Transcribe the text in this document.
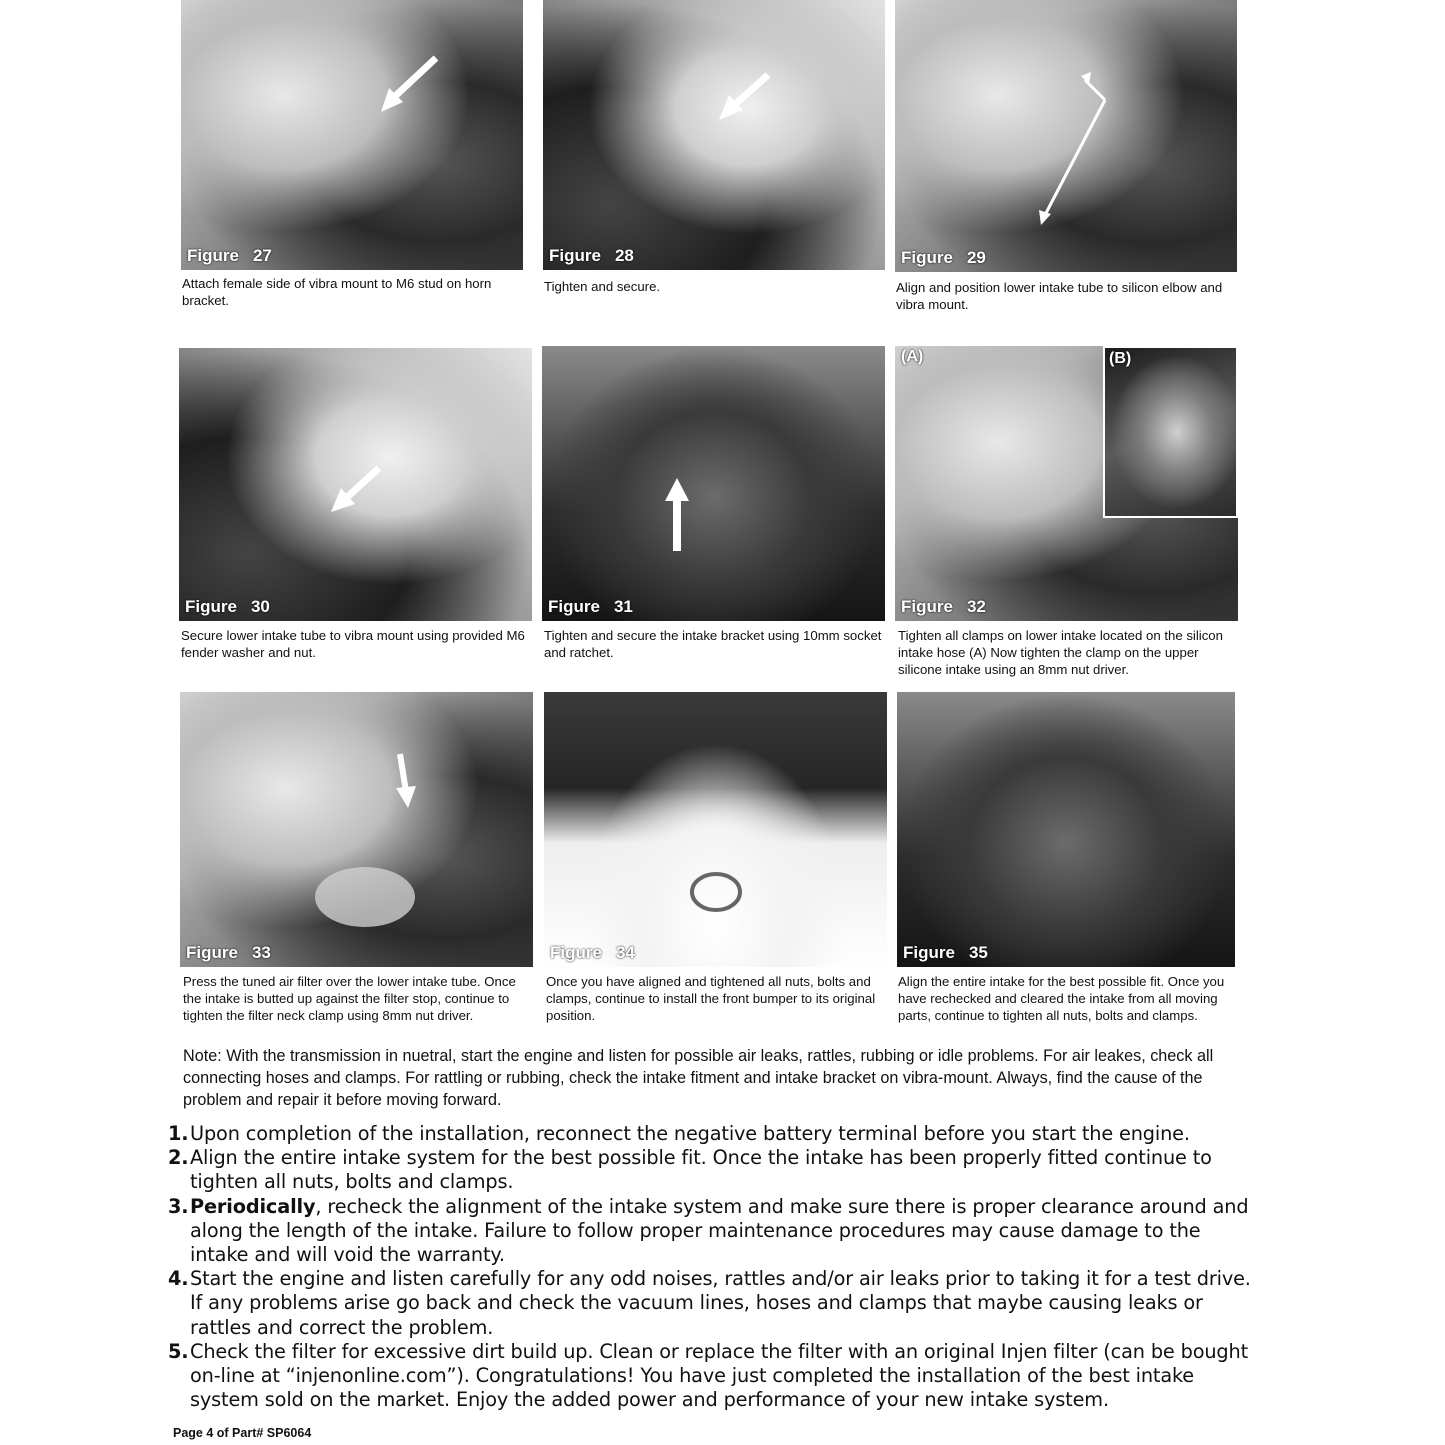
Figure 27
Attach female side of vibra mount to M6 stud on horn bracket.
Figure 28
Tighten and secure.
Figure 29
Align and position lower intake tube to silicon elbow and vibra mount.
Figure 30
Secure lower intake tube to vibra mount using provided M6 fender washer and nut.
Figure 31
Tighten and secure the intake bracket using 10mm socket and ratchet.
(A)	(B)
Figure 32
Tighten all clamps on lower intake located on the silicon intake hose (A) Now tighten the clamp on the upper silicone intake using an 8mm nut driver.
Figure 33
Press the tuned air filter over the lower intake tube. Once the intake is butted up against the filter stop, continue to tighten the filter neck clamp using 8mm nut driver.
Figure 34
Once you have aligned and tightened all nuts, bolts and clamps, continue to install the front bumper to its original position.
Figure 35
Align the entire intake for the best possible fit. Once you have rechecked and cleared the intake from all moving parts, continue to tighten all nuts, bolts and clamps.
Note: With the transmission in nuetral, start the engine and listen for possible air leaks, rattles, rubbing or idle problems. For air leakes, check all connecting hoses and clamps. For rattling or rubbing, check the intake fitment and intake bracket on vibra-mount. Always, find the cause of the problem and repair it before moving forward.
1. Upon completion of the installation, reconnect the negative battery terminal before you start the engine.
2. Align the entire intake system for the best possible fit. Once the intake has been properly fitted continue to tighten all nuts, bolts and clamps.
3. Periodically, recheck the alignment of the intake system and make sure there is proper clearance around and along the length of the intake. Failure to follow proper maintenance procedures may cause damage to the intake and will void the warranty.
4. Start the engine and listen carefully for any odd noises, rattles and/or air leaks prior to taking it for a test drive. If any problems arise go back and check the vacuum lines, hoses and clamps that maybe causing leaks or rattles and correct the problem.
5. Check the filter for excessive dirt build up. Clean or replace the filter with an original Injen filter (can be bought on-line at “injenonline.com”). Congratulations! You have just completed the installation of the best intake system sold on the market. Enjoy the added power and performance of your new intake system.
Page 4 of Part# SP6064
